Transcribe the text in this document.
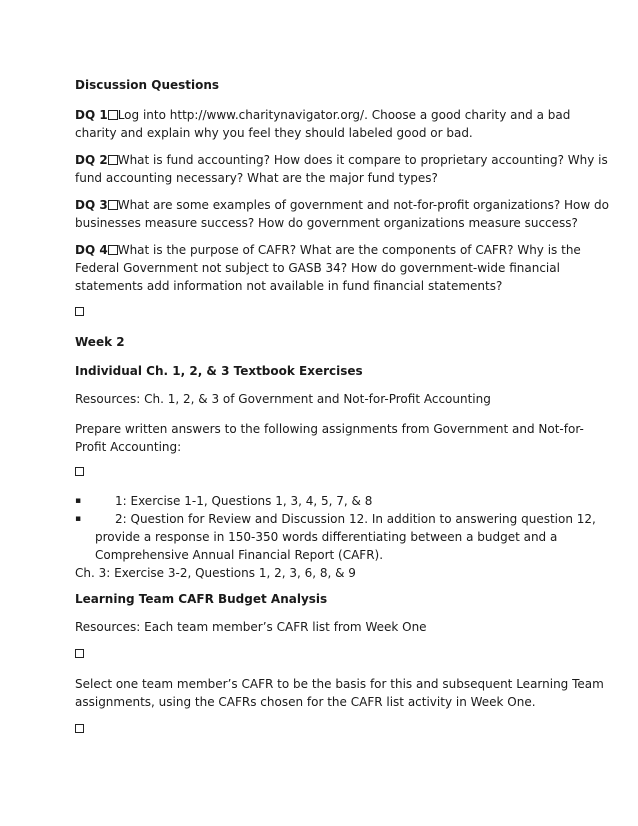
Discussion Questions
DQ 1 Log into http://www.charitynavigator.org/. Choose a good charity and a bad
charity and explain why you feel they should labeled good or bad.
DQ 2 What is fund accounting? How does it compare to proprietary accounting? Why is
fund accounting necessary? What are the major fund types?
DQ 3 What are some examples of government and not-for-profit organizations? How do
businesses measure success? How do government organizations measure success?
DQ 4 What is the purpose of CAFR? What are the components of CAFR? Why is the
Federal Government not subject to GASB 34? How do government-wide financial
statements add information not available in fund financial statements?
Week 2
Individual Ch. 1, 2, & 3 Textbook Exercises
Resources: Ch. 1, 2, & 3 of Government and Not-for-Profit Accounting
Prepare written answers to the following assignments from Government and Not-for-
Profit Accounting:
▪	1: Exercise 1-1, Questions 1, 3, 4, 5, 7, & 8
▪	2: Question for Review and Discussion 12. In addition to answering question 12,
provide a response in 150-350 words differentiating between a budget and a
Comprehensive Annual Financial Report (CAFR).
Ch. 3: Exercise 3-2, Questions 1, 2, 3, 6, 8, & 9
Learning Team CAFR Budget Analysis
Resources: Each team member’s CAFR list from Week One
Select one team member’s CAFR to be the basis for this and subsequent Learning Team
assignments, using the CAFRs chosen for the CAFR list activity in Week One.
